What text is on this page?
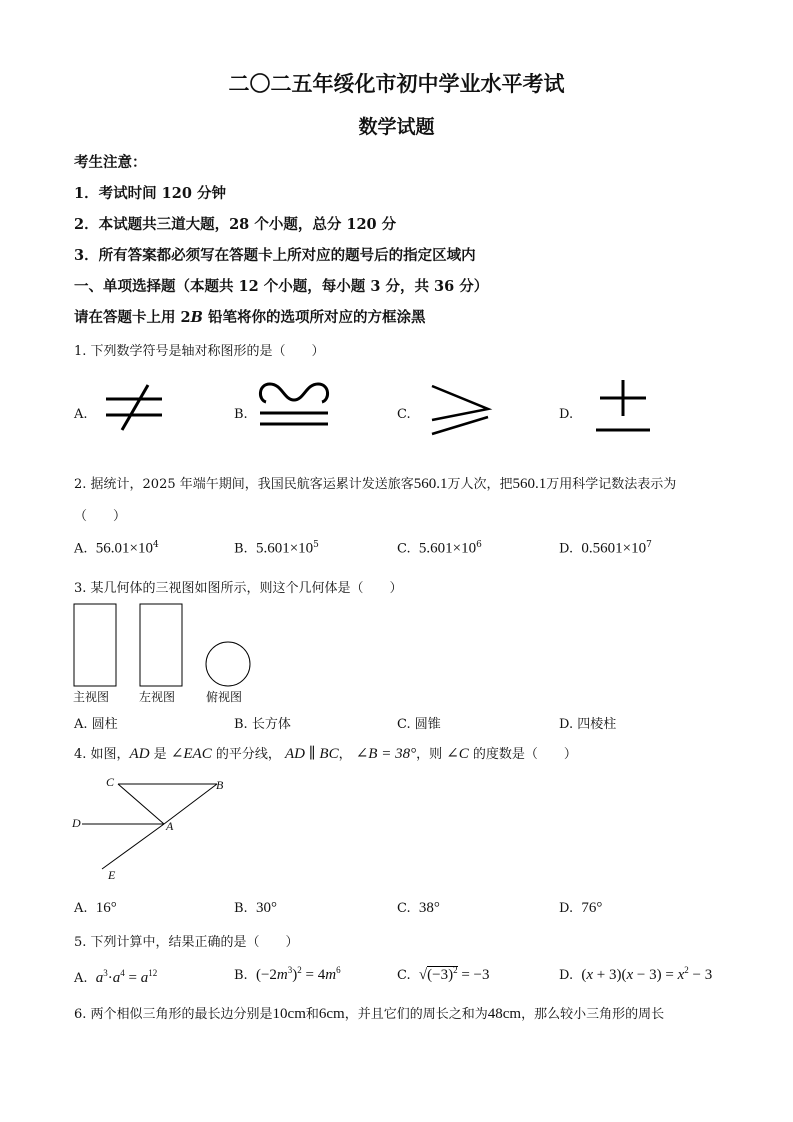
二〇二五年绥化市初中学业水平考试
数学试题
考生注意：
1．考试时间 120 分钟
2．本试题共三道大题，28 个小题，总分 120 分
3．所有答案都必须写在答题卡上所对应的题号后的指定区域内
一、单项选择题（本题共 12 个小题，每小题 3 分，共 36 分）
请在答题卡上用 2B 铅笔将你的选项所对应的方框涂黑
1. 下列数学符号是轴对称图形的是（　　）
A.	B.	C.	D.
2. 据统计，2025 年端午期间，我国民航客运累计发送旅客560.1万人次，把560.1万用科学记数法表示为
（　　）
A. $56.01\times 10^4$	B. $5.601\times 10^5$	C. $5.601\times 10^6$	D. $0.5601\times 10^7$
3. 某几何体的三视图如图所示，则这个几何体是（　　）
主视图 左视图	俯视图
A. 圆柱	B. 长方体	C. 圆锥	D. 四棱柱
4. 如图，AD 是 ∠EAC 的平分线， AD ∥ BC， ∠B = 38°，则 ∠C 的度数是（　　）
C	B
D	A
E
A. 16°	B. 30°	C. 38°	D. 76°
5. 下列计算中，结果正确的是（　　）
A. $a^3\cdot a^4 = a^{12}$	B. $(-2m^3)^2 = 4m^6$	C. $√(-3)^2 = -3$	D. $(x + 3)(x - 3) = x^2 - 3$
6. 两个相似三角形的最长边分别是10cm和6cm，并且它们的周长之和为48cm，那么较小三角形的周长
